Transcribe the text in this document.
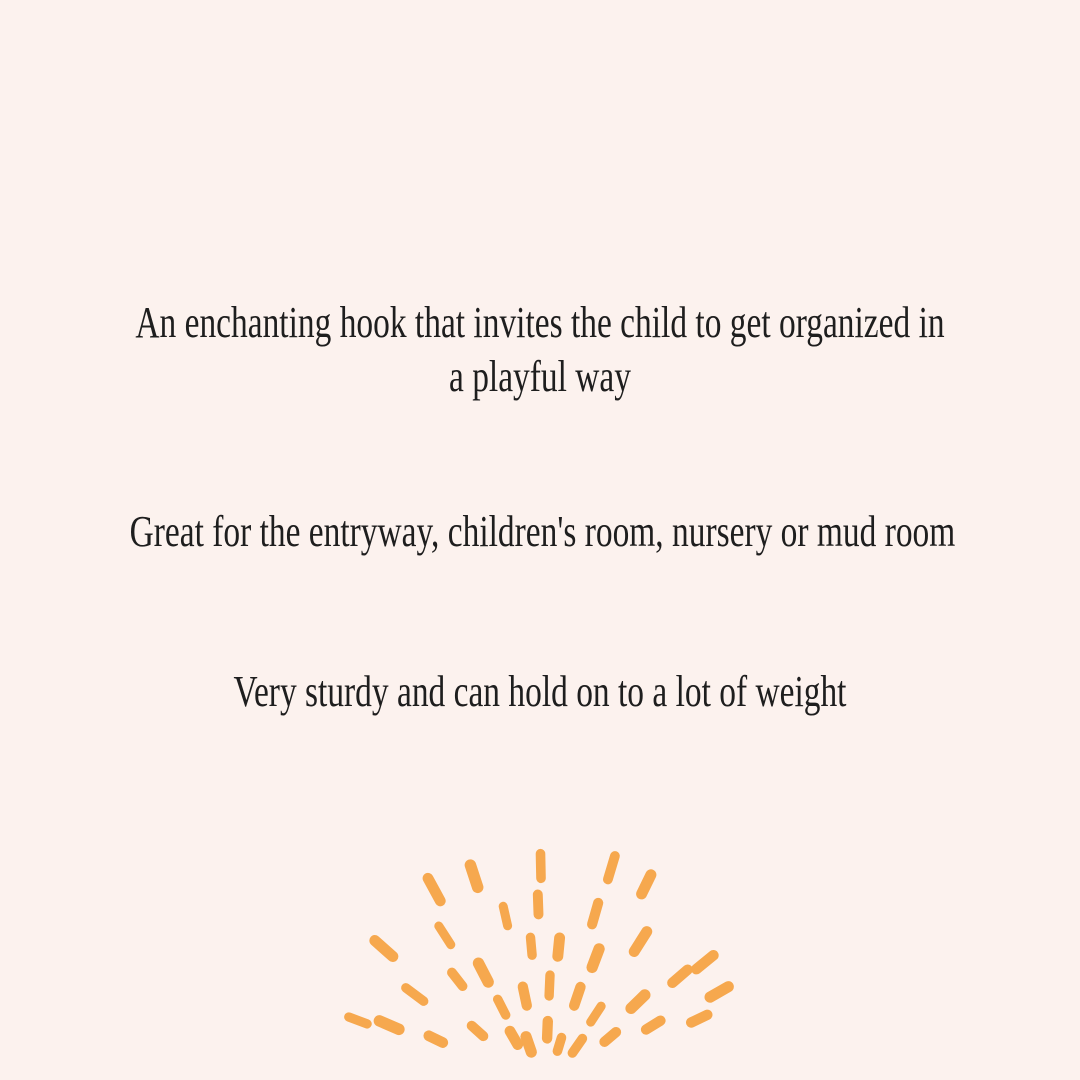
An enchanting hook that invites the child to get organized in
a playful way
Great for the entryway, children's room, nursery or mud room
Very sturdy and can hold on to a lot of weight
